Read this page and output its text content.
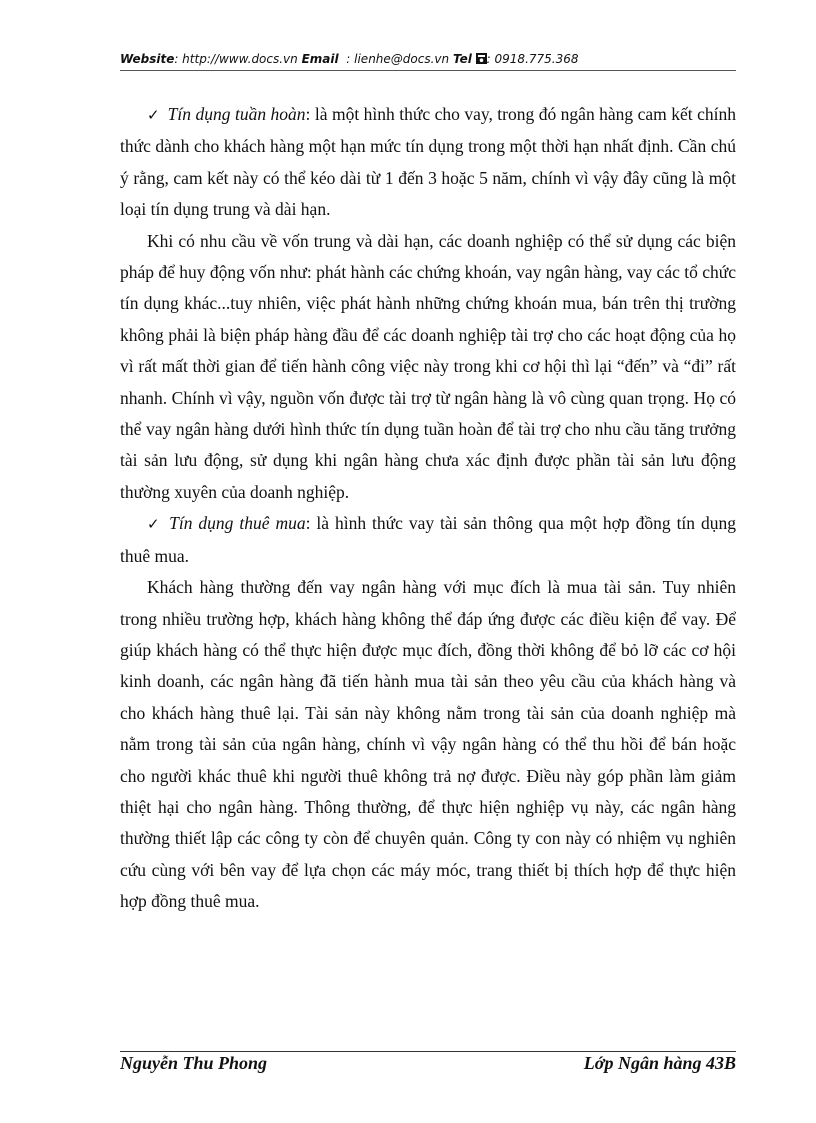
Website: http://www.docs.vn Email : lienhe@docs.vn Tel : 0918.775.368

✓ Tín dụng tuần hoàn: là một hình thức cho vay, trong đó ngân hàng cam kết chính thức dành cho khách hàng một hạn mức tín dụng trong một thời hạn nhất định. Cần chú ý rằng, cam kết này có thể kéo dài từ 1 đến 3 hoặc 5 năm, chính vì vậy đây cũng là một loại tín dụng trung và dài hạn.

Khi có nhu cầu về vốn trung và dài hạn, các doanh nghiệp có thể sử dụng các biện pháp để huy động vốn như: phát hành các chứng khoán, vay ngân hàng, vay các tổ chức tín dụng khác...tuy nhiên, việc phát hành những chứng khoán mua, bán trên thị trường không phải là biện pháp hàng đầu để các doanh nghiệp tài trợ cho các hoạt động của họ vì rất mất thời gian để tiến hành công việc này trong khi cơ hội thì lại “đến” và “đi” rất nhanh. Chính vì vậy, nguồn vốn được tài trợ từ ngân hàng là vô cùng quan trọng. Họ có thể vay ngân hàng dưới hình thức tín dụng tuần hoàn để tài trợ cho nhu cầu tăng trưởng tài sản lưu động, sử dụng khi ngân hàng chưa xác định được phần tài sản lưu động thường xuyên của doanh nghiệp.

✓ Tín dụng thuê mua: là hình thức vay tài sản thông qua một hợp đồng tín dụng thuê mua.

Khách hàng thường đến vay ngân hàng với mục đích là mua tài sản. Tuy nhiên trong nhiều trường hợp, khách hàng không thể đáp ứng được các điều kiện để vay. Để giúp khách hàng có thể thực hiện được mục đích, đồng thời không để bỏ lỡ các cơ hội kinh doanh, các ngân hàng đã tiến hành mua tài sản theo yêu cầu của khách hàng và cho khách hàng thuê lại. Tài sản này không nằm trong tài sản của doanh nghiệp mà nằm trong tài sản của ngân hàng, chính vì vậy ngân hàng có thể thu hồi để bán hoặc cho người khác thuê khi người thuê không trả nợ được. Điều này góp phần làm giảm thiệt hại cho ngân hàng. Thông thường, để thực hiện nghiệp vụ này, các ngân hàng thường thiết lập các công ty còn để chuyên quản. Công ty con này có nhiệm vụ nghiên cứu cùng với bên vay để lựa chọn các máy móc, trang thiết bị thích hợp để thực hiện hợp đồng thuê mua.

Nguyễn Thu Phong	Lớp Ngân hàng 43B
